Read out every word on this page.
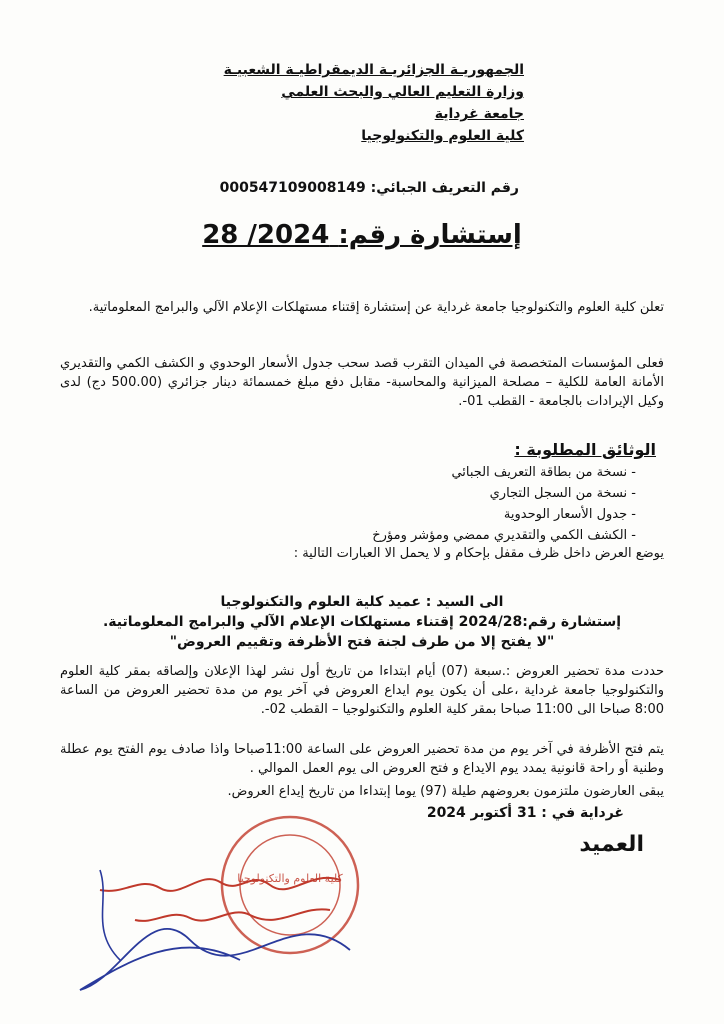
الجمهوريـة الجزائريـة الديمقراطيـة الشعبيـة
وزارة التعليم العالي والبحث العلمي
جامعة غرداية
كلية العلوم والتكنولوجيا
رقم التعريف الجبائي: 000547109008149
إستشارة رقم: 28 /2024
تعلن كلية العلوم والتكنولوجيا جامعة غرداية عن إستشارة إقتناء مستهلكات الإعلام الآلي والبرامج المعلوماتية.
فعلى المؤسسات المتخصصة في الميدان التقرب قصد سحب جدول الأسعار الوحدوي و الكشف الكمي والتقديري الأمانة العامة للكلية – مصلحة الميزانية والمحاسبة- مقابل دفع مبلغ خمسمائة دينار جزائري (500.00 دج) لدى وكيل الإيرادات بالجامعة - القطب 01-.
الوثائق المطلوبة :
- نسخة من بطاقة التعريف الجبائي
- نسخة من السجل التجاري
- جدول الأسعار الوحدوية
- الكشف الكمي والتقديري ممضي ومؤشر ومؤرخ
يوضع العرض داخل ظرف مقفل بإحكام و لا يحمل الا العبارات التالية :
الى السيد : عميد كلية العلوم والتكنولوجيا
إستشارة رقم:2024/28 إقتناء مستهلكات الإعلام الآلي والبرامج المعلوماتية.
"لا يفتح إلا من طرف لجنة فتح الأظرفة وتقييم العروض"
حددت مدة تحضير العروض :.سبعة (07) أيام ابتداءا من تاريخ أول نشر لهذا الإعلان وإلصاقه بمقر كلية العلوم والتكنولوجيا جامعة غرداية ،على أن يكون يوم ايداع العروض في آخر يوم من مدة تحضير العروض من الساعة 8:00 صباحا الى 11:00 صباحا بمقر كلية العلوم والتكنولوجيا – القطب 02-.
يتم فتح الأظرفة في آخر يوم من مدة تحضير العروض على الساعة 11:00صباحا واذا صادف يوم الفتح يوم عطلة وطنية أو راحة قانونية يمدد يوم الايداع و فتح العروض الى يوم العمل الموالي .
يبقى العارضون ملتزمون بعروضهم طيلة (97) يوما إبتداءا من تاريخ إيداع العروض.
غرداية في : 31 أكتوبر 2024
العميد
كلية العلوم والتكنولوجيا
